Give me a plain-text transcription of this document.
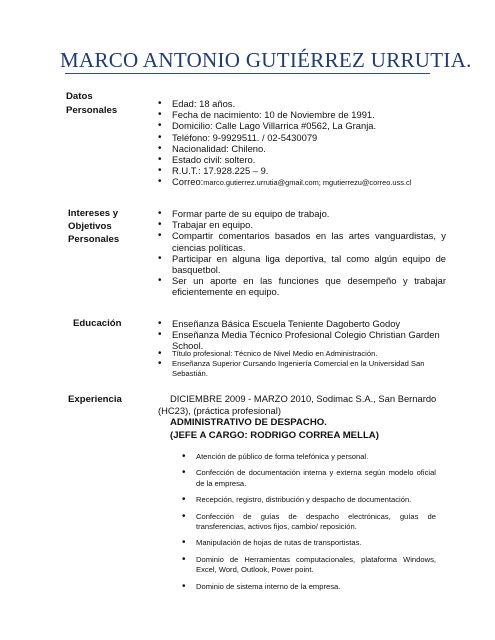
MARCO ANTONIO GUTIÉRREZ URRUTIA.
Datos
Personales
• Edad: 18 años.
• Fecha de nacimiento: 10 de Noviembre de 1991.
• Domicilio: Calle Lago Villarrica #0562, La Granja.
• Teléfono: 9-9929511. / 02-5430079
• Nacionalidad: Chileno.
• Estado civil: soltero.
• R.U.T.: 17.928.225 – 9.
• Correo:marco.gutierrez.urrutia@gmail.com; mgutierrezu@correo.uss.cl
Intereses y
Objetivos
Personales
• Formar parte de su equipo de trabajo.
• Trabajar en equipo.
• Compartir comentarios basados en las artes vanguardistas, y ciencias políticas.
• Participar en alguna liga deportiva, tal como algún equipo de basquetbol.
• Ser un aporte en las funciones que desempeño y trabajar eficientemente en equipo.
Educación
•	Enseñanza Básica Escuela Teniente Dagoberto Godoy
• Enseñanza Media Técnico Profesional Colegio Christian Garden School.
• Título profesional: Técnico de Nivel Medio en Administración.
• Enseñanza Superior Cursando Ingeniería Comercial en la Universidad San Sebastián.
Experiencia	DICIEMBRE 2009 - MARZO 2010, Sodimac S.A., San Bernardo
(HC23), (práctica profesional)
ADMINISTRATIVO DE DESPACHO.
(JEFE A CARGO: RODRIGO CORREA MELLA)
• Atención de público de forma telefónica y personal.
• Confección de documentación interna y externa según modelo oficial de la empresa.
• Recepción, registro, distribución y despacho de documentación.
• Confección de guías de despacho electrónicas, guías de transferencias, activos fijos, cambio/ reposición.
• Manipulación de hojas de rutas de transportistas.
• Dominio de Herramientas computacionales, plataforma Windows, Excel, Word, Outlook, Power point.
• Dominio de sistema interno de la empresa.
